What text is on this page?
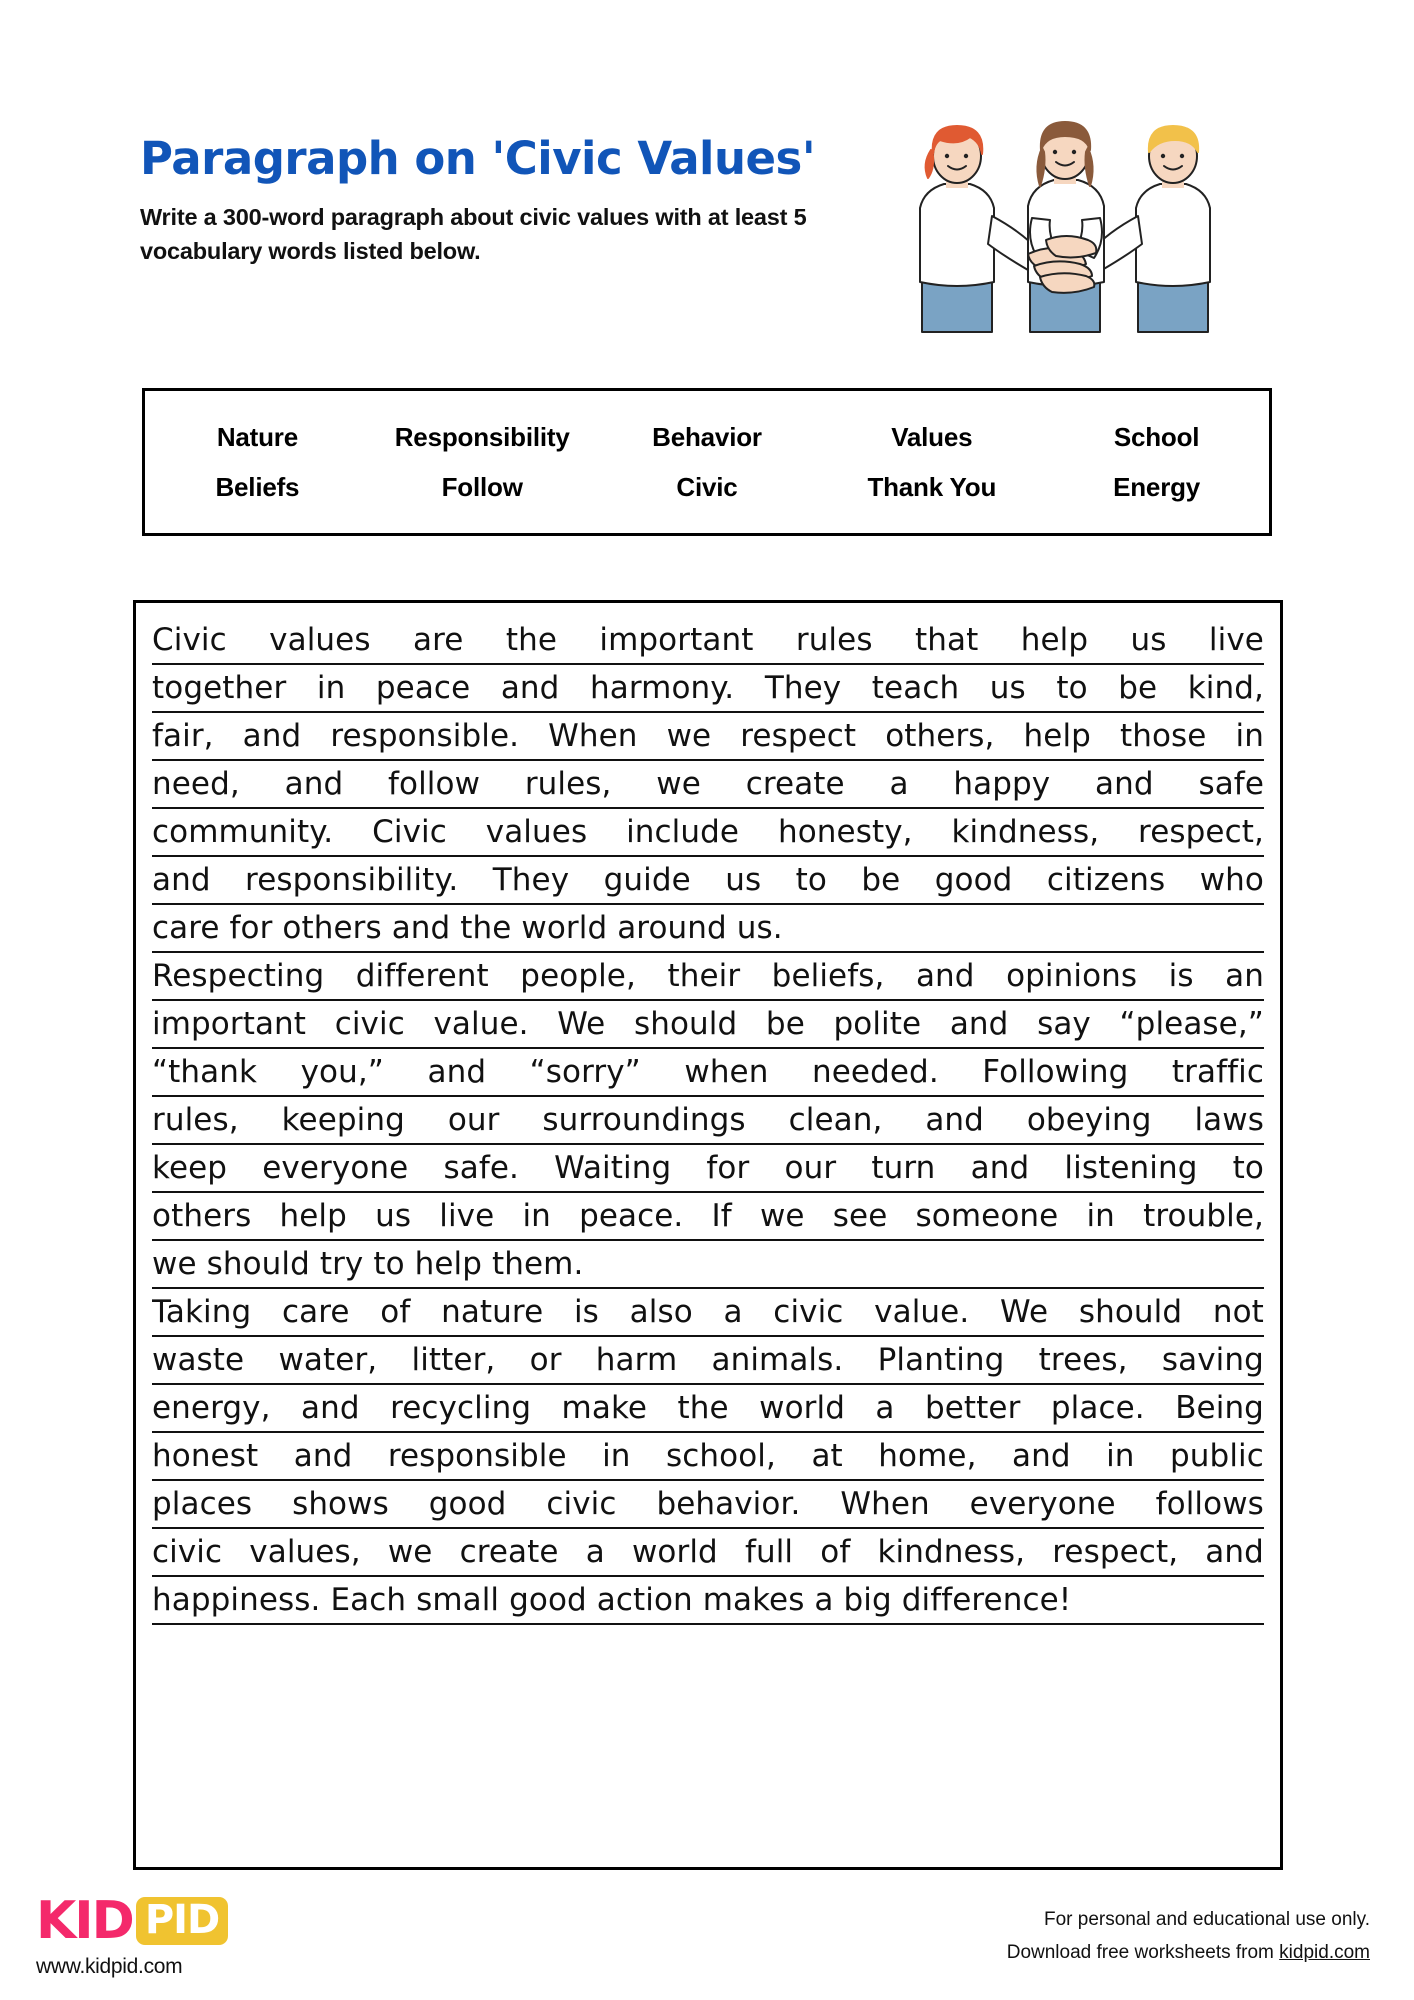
Paragraph on 'Civic Values'
Write a 300-word paragraph about civic values with at least 5 vocabulary words listed below.
Nature	Responsibility	Behavior	Values	School
Beliefs	Follow	Civic	Thank You	Energy
Civic values are the important rules that help us live
together in peace and harmony. They teach us to be kind,
fair, and responsible. When we respect others, help those in
need, and follow rules, we create a happy and safe
community. Civic values include honesty, kindness, respect,
and responsibility. They guide us to be good citizens who
care for others and the world around us.
Respecting different people, their beliefs, and opinions is an
important civic value. We should be polite and say “please,”
“thank you,” and “sorry” when needed. Following traffic
rules, keeping our surroundings clean, and obeying laws
keep everyone safe. Waiting for our turn and listening to
others help us live in peace. If we see someone in trouble,
we should try to help them.
Taking care of nature is also a civic value. We should not
waste water, litter, or harm animals. Planting trees, saving
energy, and recycling make the world a better place. Being
honest and responsible in school, at home, and in public
places shows good civic behavior. When everyone follows
civic values, we create a world full of kindness, respect, and
happiness. Each small good action makes a big difference!
KID PID
www.kidpid.com
For personal and educational use only.
Download free worksheets from kidpid.com
